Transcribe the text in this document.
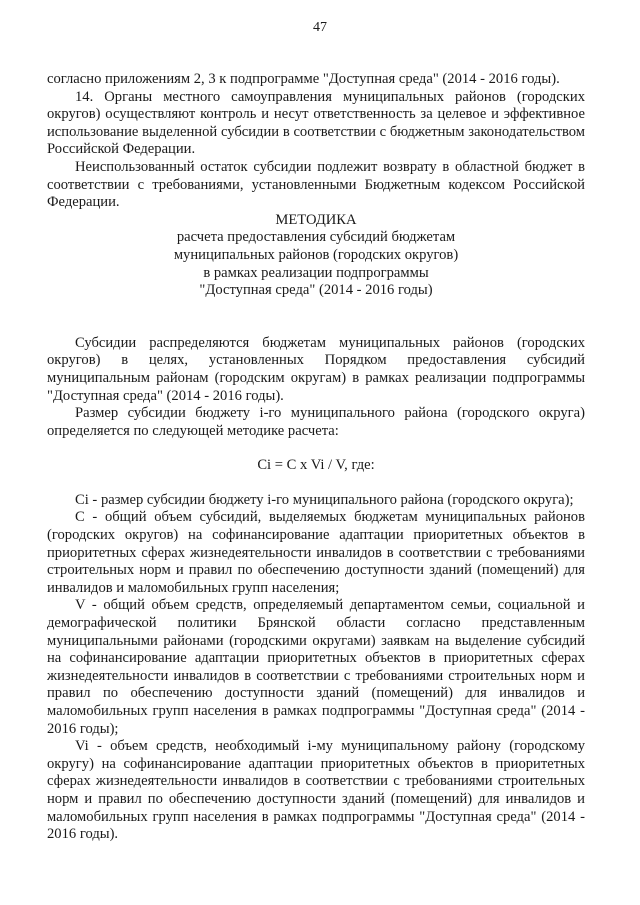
47

согласно приложениям 2, 3 к подпрограмме "Доступная среда" (2014 - 2016 годы).

14. Органы местного самоуправления муниципальных районов (городских округов) осуществляют контроль и несут ответственность за целевое и эффективное использование выделенной субсидии в соответствии с бюджетным законодательством Российской Федерации.

Неиспользованный остаток субсидии подлежит возврату в областной бюджет в соответствии с требованиями, установленными Бюджетным кодексом Российской Федерации.

МЕТОДИКА

расчета предоставления субсидий бюджетам

муниципальных районов (городских округов)

в рамках реализации подпрограммы

"Доступная среда" (2014 - 2016 годы)

Субсидии распределяются бюджетам муниципальных районов (городских округов) в целях, установленных Порядком предоставления субсидий муниципальным районам (городским округам) в рамках реализации подпрограммы "Доступная среда" (2014 - 2016 годы).

Размер субсидии бюджету i-го муниципального района (городского округа) определяется по следующей методике расчета:

Ci = C x Vi / V, где:

Ci - размер субсидии бюджету i-го муниципального района (городского округа);

С - общий объем субсидий, выделяемых бюджетам муниципальных районов (городских округов) на софинансирование адаптации приоритетных объектов в приоритетных сферах жизнедеятельности инвалидов в соответствии с требованиями строительных норм и правил по обеспечению доступности зданий (помещений) для инвалидов и маломобильных групп населения;

V - общий объем средств, определяемый департаментом семьи, социальной и демографической политики Брянской области согласно представленным муниципальными районами (городскими округами) заявкам на выделение субсидий на софинансирование адаптации приоритетных объектов в приоритетных сферах жизнедеятельности инвалидов в соответствии с требованиями строительных норм и правил по обеспечению доступности зданий (помещений) для инвалидов и маломобильных групп населения в рамках подпрограммы "Доступная среда" (2014 - 2016 годы);

Vi - объем средств, необходимый i-му муниципальному району (городскому округу) на софинансирование адаптации приоритетных объектов в приоритетных сферах жизнедеятельности инвалидов в соответствии с требованиями строительных норм и правил по обеспечению доступности зданий (помещений) для инвалидов и маломобильных групп населения в рамках подпрограммы "Доступная среда" (2014 - 2016 годы).
